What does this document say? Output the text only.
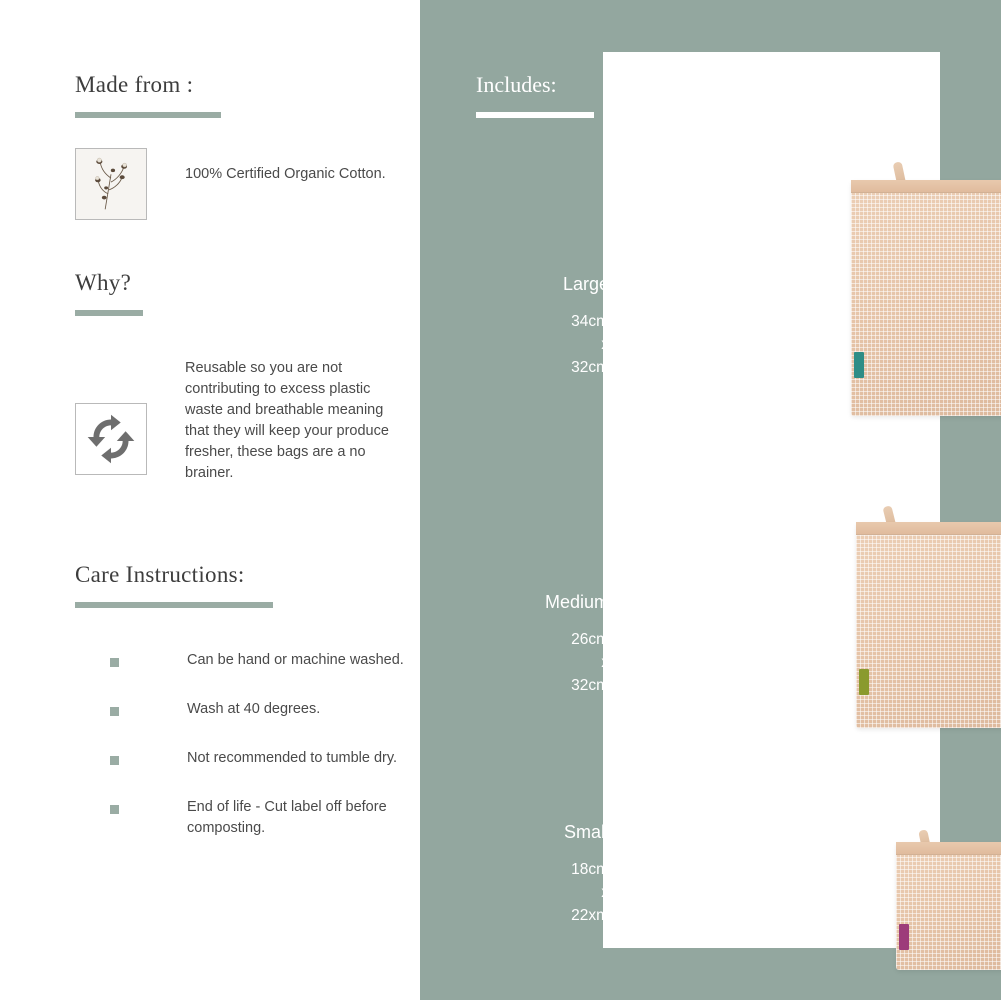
Made from :
100% Certified Organic Cotton.
Why?
Reusable so you are not contributing to excess plastic waste and breathable meaning that they will keep your produce fresher, these bags are a no brainer.
Care Instructions:
Can be hand or machine washed.
Wash at 40 degrees.
Not recommended to tumble dry.
End of life - Cut label off before composting.
Includes:
Large
34cm
x
32cm
Medium
26cm
x
32cm
Small
18cm
x
22xm
